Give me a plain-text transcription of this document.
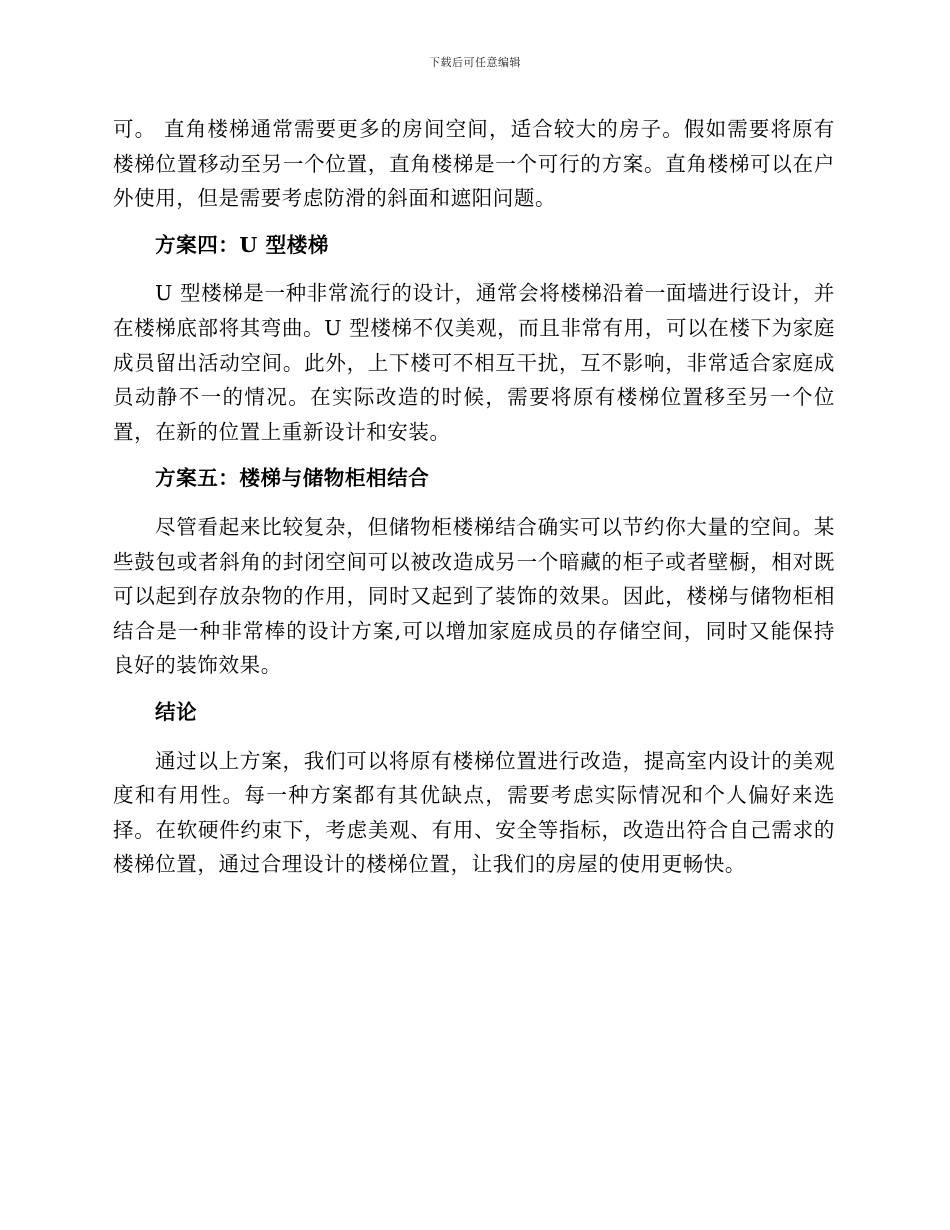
下载后可任意编辑

可。 直角楼梯通常需要更多的房间空间，适合较大的房子。假如需要将原有楼梯位置移动至另一个位置，直角楼梯是一个可行的方案。直角楼梯可以在户外使用，但是需要考虑防滑的斜面和遮阳问题。

方案四：U 型楼梯

U 型楼梯是一种非常流行的设计，通常会将楼梯沿着一面墙进行设计，并在楼梯底部将其弯曲。U 型楼梯不仅美观，而且非常有用，可以在楼下为家庭成员留出活动空间。此外，上下楼可不相互干扰，互不影响，非常适合家庭成员动静不一的情况。在实际改造的时候，需要将原有楼梯位置移至另一个位置，在新的位置上重新设计和安装。

方案五：楼梯与储物柜相结合

尽管看起来比较复杂，但储物柜楼梯结合确实可以节约你大量的空间。某些鼓包或者斜角的封闭空间可以被改造成另一个暗藏的柜子或者壁橱，相对既可以起到存放杂物的作用，同时又起到了装饰的效果。因此，楼梯与储物柜相结合是一种非常棒的设计方案,可以增加家庭成员的存储空间，同时又能保持良好的装饰效果。

结论

通过以上方案，我们可以将原有楼梯位置进行改造，提高室内设计的美观度和有用性。每一种方案都有其优缺点，需要考虑实际情况和个人偏好来选择。在软硬件约束下，考虑美观、有用、安全等指标，改造出符合自己需求的楼梯位置，通过合理设计的楼梯位置，让我们的房屋的使用更畅快。
